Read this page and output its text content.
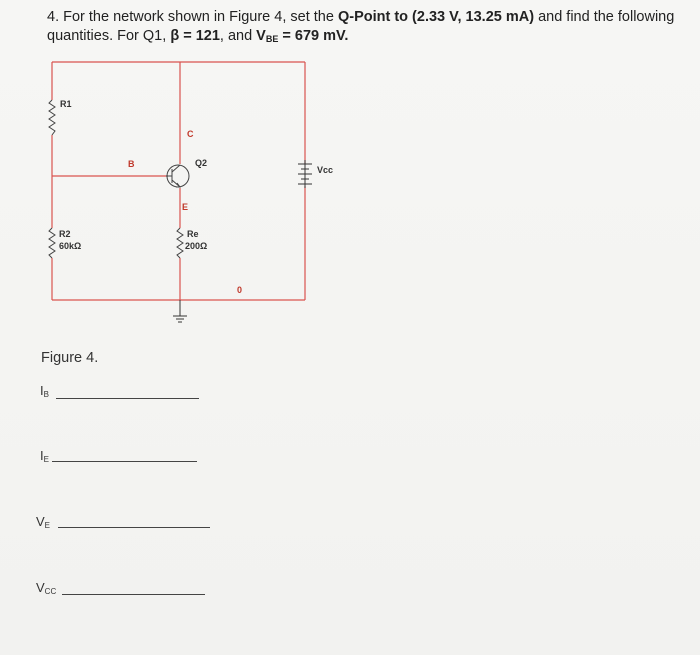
4. For the network shown in Figure 4, set the Q-Point to (2.33 V, 13.25 mA) and find the following quantities. For Q1, β = 121, and $V_{BE} = 679$ mV.
R1
R2
60kΩ
Re
200Ω
B
C
E
Q2
Vcc
0
Figure 4.
$I_B$
$I_E$
$V_E$
$V_{CC}$
